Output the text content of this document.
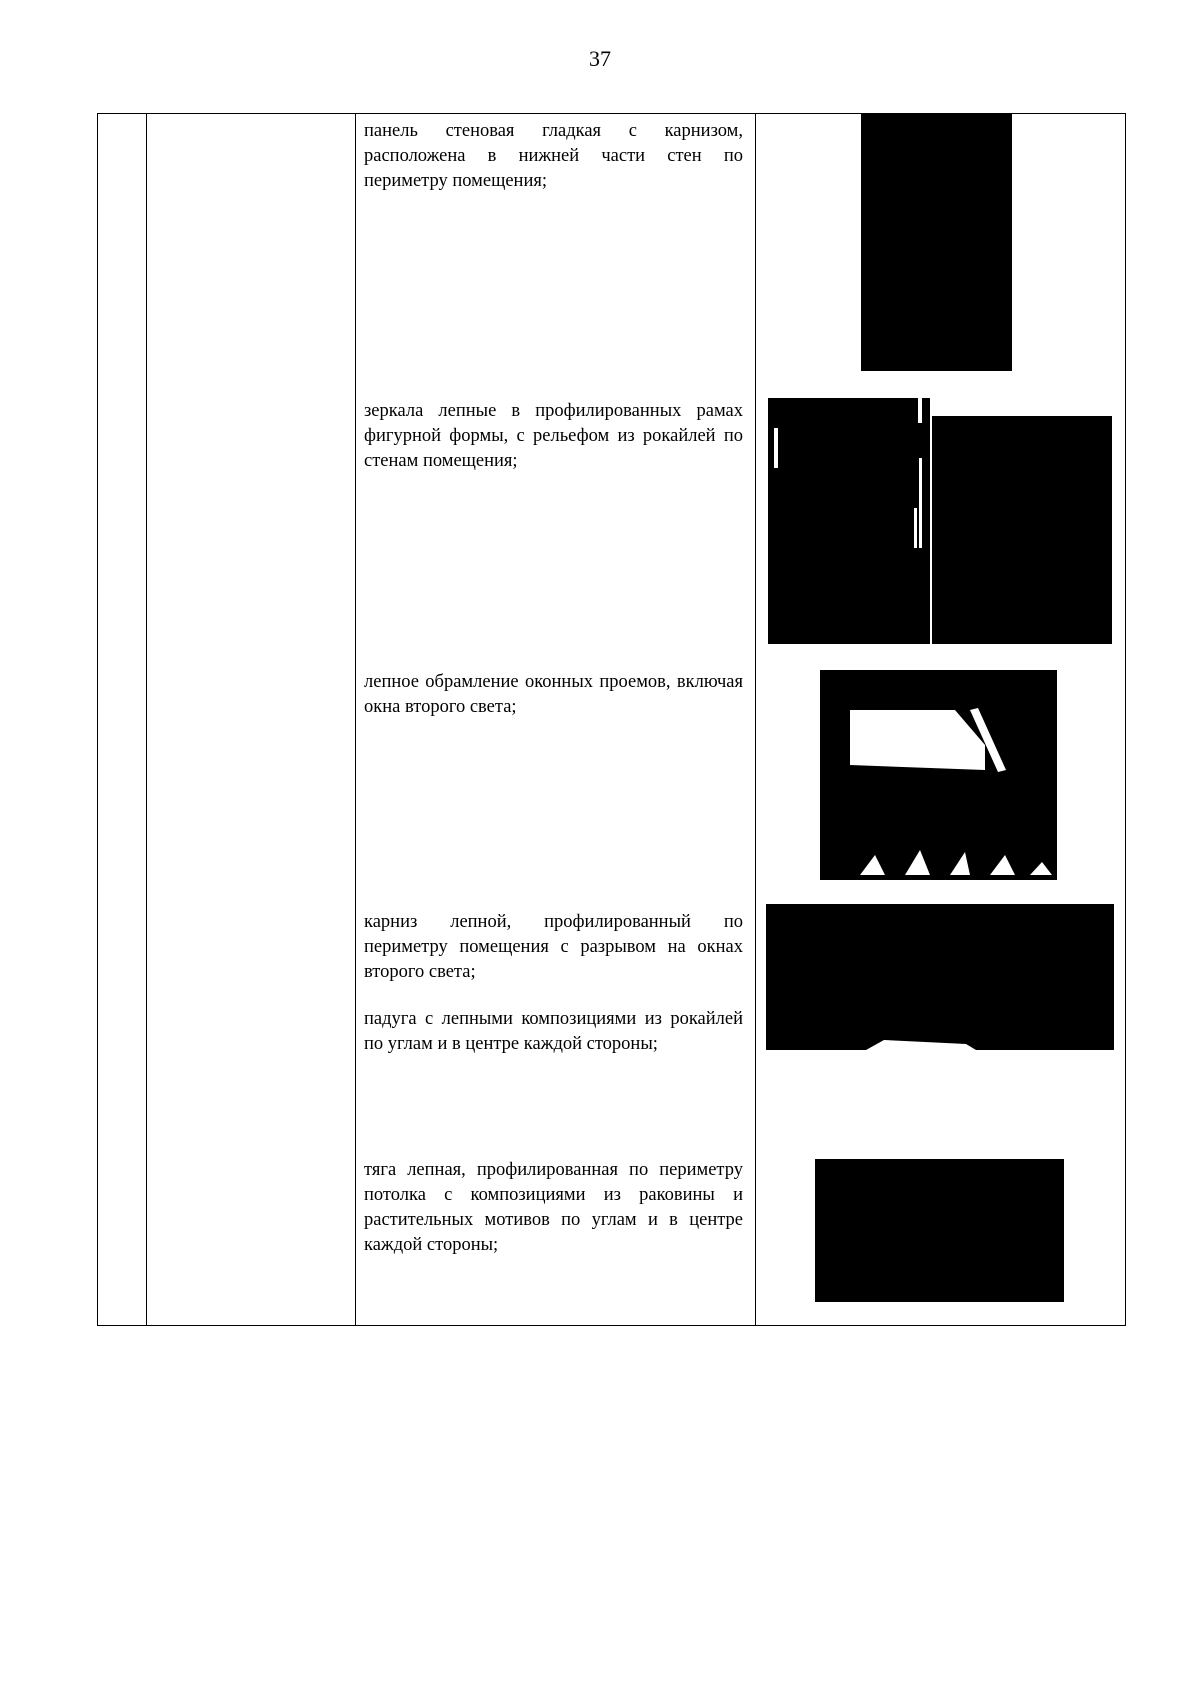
37
панель стеновая гладкая с карнизом, расположена в нижней части стен по периметру помещения;
зеркала лепные в профилированных рамах фигурной формы, с рельефом из рокайлей по стенам помещения;
лепное обрамление оконных проемов, включая окна второго света;
карниз лепной, профилированный по периметру помещения с разрывом на окнах второго света;
падуга с лепными композициями из рокайлей по углам и в центре каждой стороны;
тяга лепная, профилированная по периметру потолка с композициями из раковины и растительных мотивов по углам и в центре каждой стороны;
